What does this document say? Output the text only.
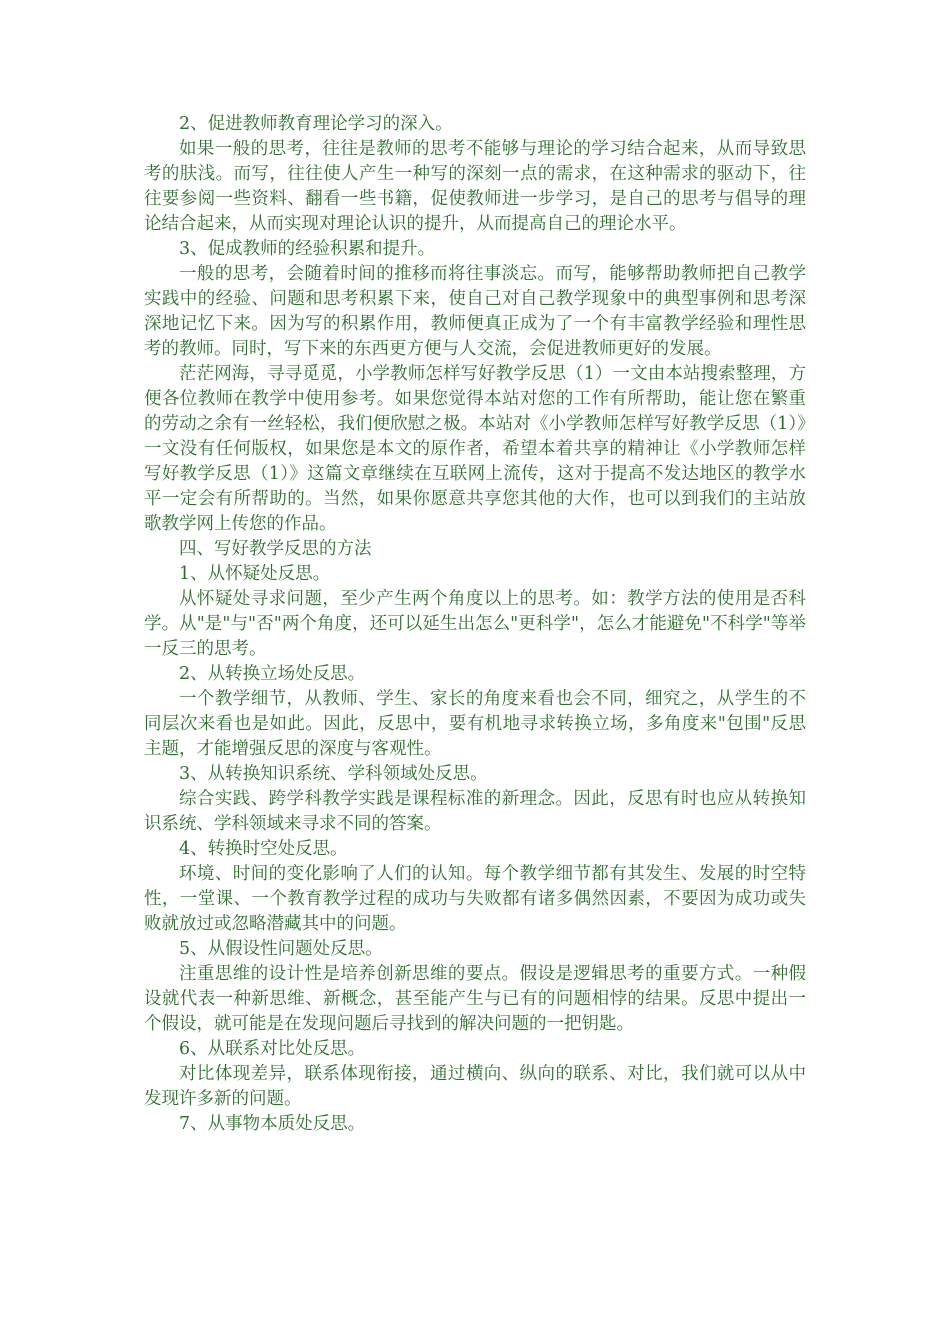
2、促进教师教育理论学习的深入。

如果一般的思考，往往是教师的思考不能够与理论的学习结合起来，从而导致思考的肤浅。而写，往往使人产生一种写的深刻一点的需求，在这种需求的驱动下，往往要参阅一些资料、翻看一些书籍，促使教师进一步学习，是自己的思考与倡导的理论结合起来，从而实现对理论认识的提升，从而提高自己的理论水平。

3、促成教师的经验积累和提升。

一般的思考，会随着时间的推移而将往事淡忘。而写，能够帮助教师把自己教学实践中的经验、问题和思考积累下来，使自己对自己教学现象中的典型事例和思考深深地记忆下来。因为写的积累作用，教师便真正成为了一个有丰富教学经验和理性思考的教师。同时，写下来的东西更方便与人交流，会促进教师更好的发展。

茫茫网海，寻寻觅觅，小学教师怎样写好教学反思（1）一文由本站搜索整理，方便各位教师在教学中使用参考。如果您觉得本站对您的工作有所帮助，能让您在繁重的劳动之余有一丝轻松，我们便欣慰之极。本站对《小学教师怎样写好教学反思（1）》一文没有任何版权，如果您是本文的原作者，希望本着共享的精神让《小学教师怎样写好教学反思（1）》这篇文章继续在互联网上流传，这对于提高不发达地区的教学水平一定会有所帮助的。当然，如果你愿意共享您其他的大作，也可以到我们的主站放歌教学网上传您的作品。

四、写好教学反思的方法

1、从怀疑处反思。

从怀疑处寻求问题，至少产生两个角度以上的思考。如：教学方法的使用是否科学。从"是"与"否"两个角度，还可以延生出怎么"更科学"，怎么才能避免"不科学"等举一反三的思考。

2、从转换立场处反思。

一个教学细节，从教师、学生、家长的角度来看也会不同，细究之，从学生的不同层次来看也是如此。因此，反思中，要有机地寻求转换立场，多角度来"包围"反思主题，才能增强反思的深度与客观性。

3、从转换知识系统、学科领域处反思。

综合实践、跨学科教学实践是课程标准的新理念。因此，反思有时也应从转换知识系统、学科领域来寻求不同的答案。

4、转换时空处反思。

环境、时间的变化影响了人们的认知。每个教学细节都有其发生、发展的时空特性，一堂课、一个教育教学过程的成功与失败都有诸多偶然因素，不要因为成功或失败就放过或忽略潜藏其中的问题。

5、从假设性问题处反思。

注重思维的设计性是培养创新思维的要点。假设是逻辑思考的重要方式。一种假设就代表一种新思维、新概念，甚至能产生与已有的问题相悖的结果。反思中提出一个假设，就可能是在发现问题后寻找到的解决问题的一把钥匙。

6、从联系对比处反思。

对比体现差异，联系体现衔接，通过横向、纵向的联系、对比，我们就可以从中发现许多新的问题。

7、从事物本质处反思。
